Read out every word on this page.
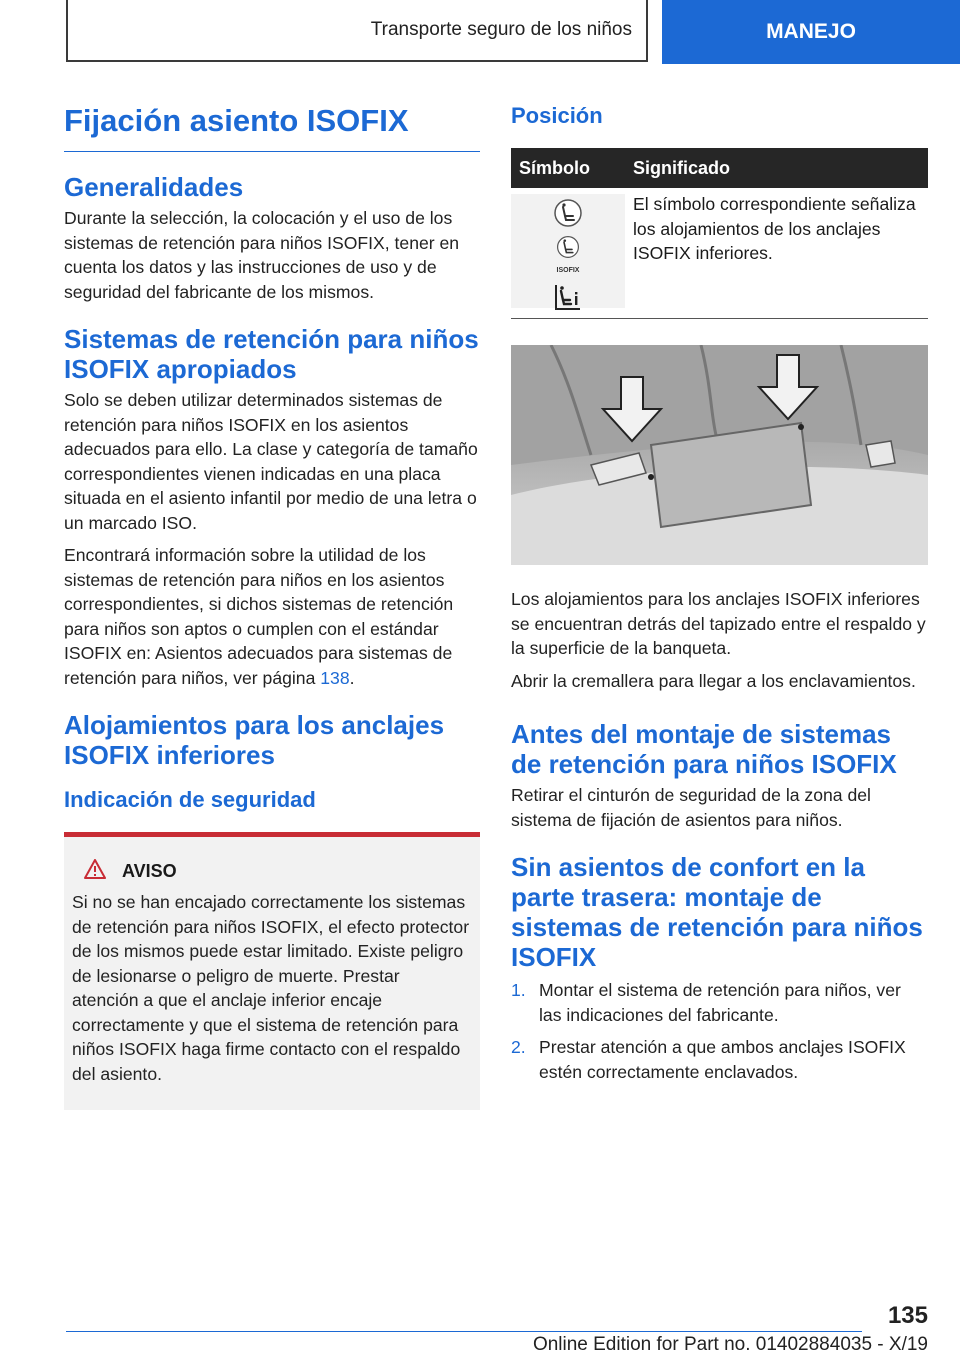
Transporte seguro de los niños	MANEJO
Fijación asiento ISOFIX
Generalidades

Durante la selección, la colocación y el uso de los sistemas de retención para niños ISOFIX, tener en cuenta los datos y las instrucciones de uso y de seguridad del fabricante de los mismos.

Sistemas de retención para niños ISOFIX apropiados

Solo se deben utilizar determinados sistemas de retención para niños ISOFIX en los asientos adecuados para ello. La clase y categoría de tamaño correspondientes vienen indicadas en una placa situada en el asiento infantil por medio de una letra o un marcado ISO.

Encontrará información sobre la utilidad de los sistemas de retención para niños en los asientos correspondientes, si dichos sistemas de retención para niños son aptos o cumplen con el estándar ISOFIX en: Asientos adecuados para sistemas de retención para niños, ver página 138.

Alojamientos para los anclajes ISOFIX inferiores
Indicación de seguridad
AVISO

Si no se han encajado correctamente los sistemas de retención para niños ISOFIX, el efecto protector de los mismos puede estar limitado. Existe peligro de lesionarse o peligro de muerte. Prestar atención a que el anclaje inferior encaje correctamente y que el sistema de retención para niños ISOFIX haga firme contacto con el respaldo del asiento.

Posición
Símbolo	Significado

ISOFIX	El símbolo correspondiente señaliza los alojamientos de los anclajes ISOFIX inferiores.

Los alojamientos para los anclajes ISOFIX inferiores se encuentran detrás del tapizado entre el respaldo y la superficie de la banqueta.

Abrir la cremallera para llegar a los enclavamientos.

Antes del montaje de sistemas de retención para niños ISOFIX

Retirar el cinturón de seguridad de la zona del sistema de fijación de asientos para niños.

Sin asientos de confort en la parte trasera: montaje de sistemas de retención para niños ISOFIX
1. Montar el sistema de retención para niños, ver las indicaciones del fabricante.
2. Prestar atención a que ambos anclajes ISOFIX estén correctamente enclavados.
135
Online Edition for Part no. 01402884035 - X/19
